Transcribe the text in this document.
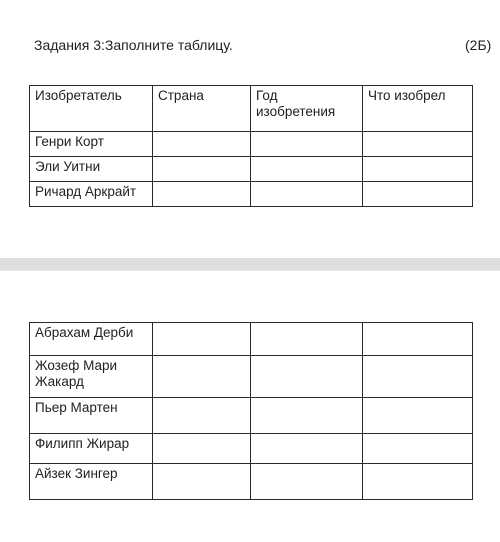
Задания 3:Заполните таблицу.	(2Б)
Изобретатель	Страна	Год изобретения	Что изобрел
Генри Корт			
Эли Уитни			
Ричард Аркрайт			
Абрахам Дерби			
Жозеф Мари Жакард			
Пьер Мартен			
Филипп Жирар			
Айзек Зингер			
